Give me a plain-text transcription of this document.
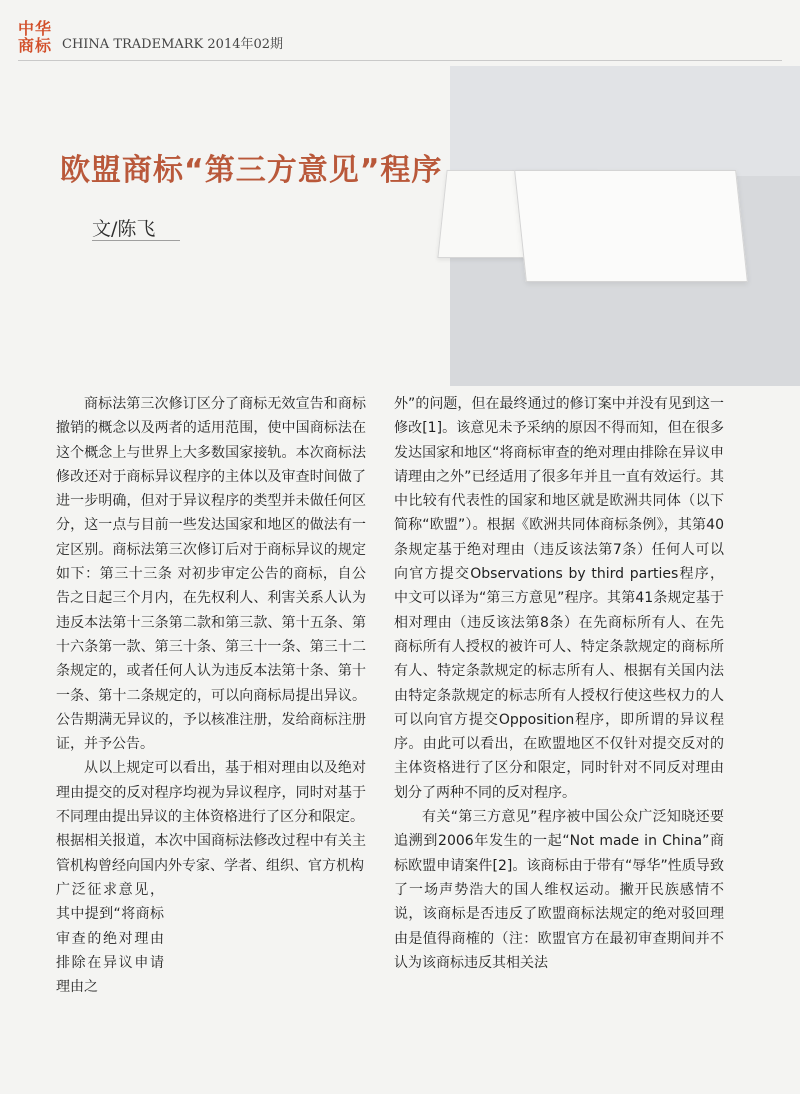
中华
商标 CHINA TRADEMARK 2014年02期
欧盟商标“第三方意见”程序
文/陈飞

商标法第三次修订区分了商标无效宣告和商标撤销的概念以及两者的适用范围，使中国商标法在这个概念上与世界上大多数国家接轨。本次商标法修改还对于商标异议程序的主体以及审查时间做了进一步明确，但对于异议程序的类型并未做任何区分，这一点与目前一些发达国家和地区的做法有一定区别。商标法第三次修订后对于商标异议的规定如下：第三十三条 对初步审定公告的商标，自公告之日起三个月内，在先权利人、利害关系人认为违反本法第十三条第二款和第三款、第十五条、第十六条第一款、第三十条、第三十一条、第三十二条规定的，或者任何人认为违反本法第十条、第十一条、第十二条规定的，可以向商标局提出异议。公告期满无异议的，予以核准注册，发给商标注册证，并予公告。

从以上规定可以看出，基于相对理由以及绝对理由提交的反对程序均视为异议程序，同时对基于不同理由提出异议的主体资格进行了区分和限定。

根据相关报道，本次中国商标法修改过程中有关主管机构曾经向国内外专家、学者、组织、官方机构

广泛征求意见，其中提到“将商标审查的绝对理由排除在异议申请理由之

外”的问题，但在最终通过的修订案中并没有见到这一修改[1]。该意见未予采纳的原因不得而知，但在很多发达国家和地区“将商标审查的绝对理由排除在异议申请理由之外”已经适用了很多年并且一直有效运行。其中比较有代表性的国家和地区就是欧洲共同体（以下简称“欧盟”）。根据《欧洲共同体商标条例》，其第40条规定基于绝对理由（违反该法第7条）任何人可以向官方提交Observations by third parties程序，中文可以译为“第三方意见”程序。其第41条规定基于相对理由（违反该法第8条）在先商标所有人、在先商标所有人授权的被许可人、特定条款规定的商标所有人、特定条款规定的标志所有人、根据有关国内法由特定条款规定的标志所有人授权行使这些权力的人可以向官方提交Opposition程序，即所谓的异议程序。由此可以看出，在欧盟地区不仅针对提交反对的主体资格进行了区分和限定，同时针对不同反对理由划分了两种不同的反对程序。

有关“第三方意见”程序被中国公众广泛知晓还要追溯到2006年发生的一起“Not made in China”商标欧盟申请案件[2]。该商标由于带有“辱华”性质导致了一场声势浩大的国人维权运动。撇开民族感情不说，该商标是否违反了欧盟商标法规定的绝对驳回理由是值得商榷的（注：欧盟官方在最初审查期间并不认为该商标违反其相关法
